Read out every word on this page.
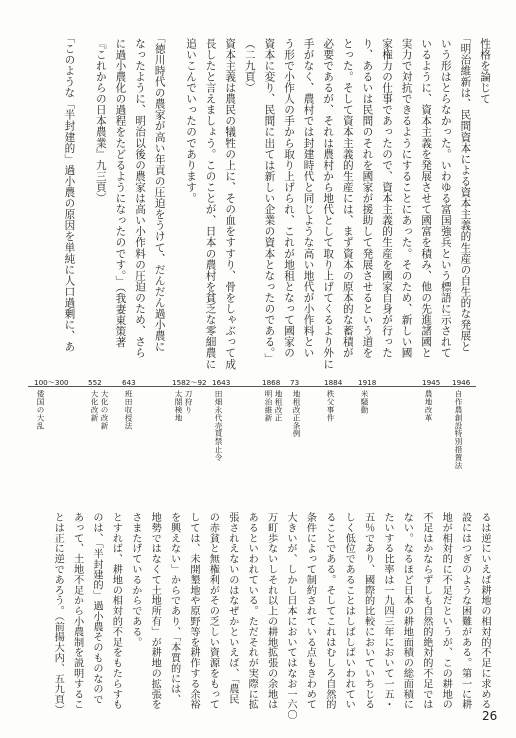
性格を論じて
「明治維新は、民間資本による資本主義的生産の自生的な発展と
いう形はとらなかった。いわゆる富国強兵という標語に示されて
いるように、資本主義を発展させて國富を積み、他の先進諸國と
実力で対抗できるようにすることにあった。そのため、新しい國
家権力の仕事であったので、資本主義的生産を國家自身が行った
り、あるいは民間のそれを國家が援助して発展させるという道を
とった。そして資本主義的生産には、まず資本の原本的な蓄積が
必要であるが、それは農村から地代として取り上げてくるより外に
手がなく、農村では封建時代と同じような高い地代が小作料とい
う形で小作人の手から取り上げられ、これが地租となって國家の
資本に変り、民間に出ては新しい企業の資本となったのである。」
（二九頁）
資本主義は農民の犠牲の上に、その血をすすり、骨をしゃぶって成
長したと言えましょう。このことが、日本の農村を貧乏な零細農に
追いこんでいったのであります。
「徳川時代の農家が高い年貢の圧迫をうけて、だんだん過小農に
なったように、明治以後の農家は高い小作料の圧迫のため、さら
に過小農化の過程をたどるようになったのです。」（我妻東策著
『これからの日本農業』九三頁）
「このような「半封建的」過小農の原因を単純に人口過剰に、あ
100〜300
倭国の大乱
552
大化改新 大化の改新
643
班田収授法
1582〜92
太閤検地 刀狩り
1643
田畑永代売買禁止令
1868
明治維新 地租改正
73
地租改正条例
1884
秩父事件
1918
米騒動
1945
農地改革
1946
自作農創設特別措置法
るは逆にいえば耕地の相対的不足に求める
設にはつぎのような困難がある。第一に耕
地が相対的に不足だというが、この耕地の
不足はかならずしも自然的絶対的不足では
ない。なるほど日本の耕地面積の総面積に
たいする比率は一九四三年において一五・
五％であり、國際的比較においていちじる
しく低位であることはしばしばいわれてい
ることである。そしてこれはむしろ自然的
条件によって制約されている点もきわめて
大きいが、しかし日本においてはなお一六〇
万町歩ないしそれ以上の耕地拡張の余地は
あるといわれている。ただそれが実際に拡
張されえないのはなぜかといえば、「農民
の赤貧と無権利がその乏しい資源をもって
しては、未開墾地や原野等を耕作する余裕
を興えない」からであり、「本質的には、
地勢ではなくて土地所有」が耕地の拡張を
さまたげているからである。
とすれば、耕地の相対的不足をもたらすも
のは、「半封建的」過小農そのものなので
あって、土地不足から小農制を説明するこ
とは正に逆であろう。（前揚大内、五九頁）
26
